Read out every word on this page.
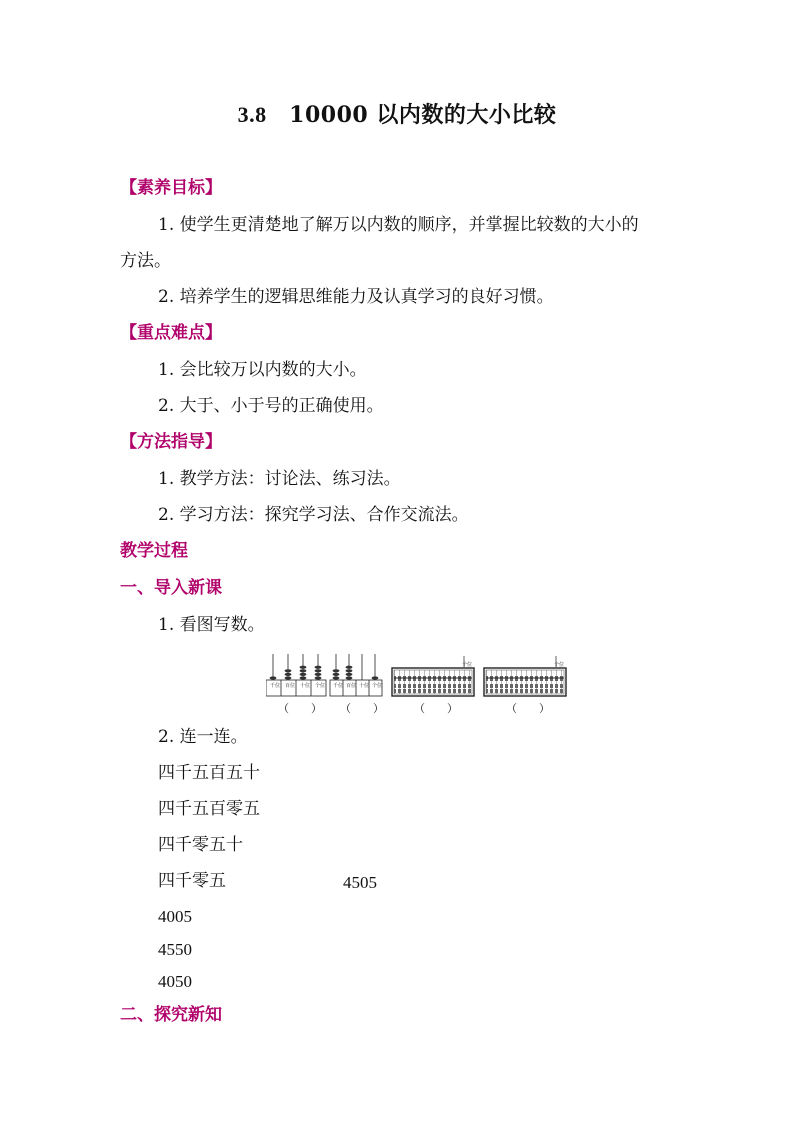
3.8  10000 以内数的大小比较
【素养目标】
1. 使学生更清楚地了解万以内数的顺序，并掌握比较数的大小的
方法。
2. 培养学生的逻辑思维能力及认真学习的良好习惯。
【重点难点】
1. 会比较万以内数的大小。
2. 大于、小于号的正确使用。
【方法指导】
1. 教学方法：讨论法、练习法。
2. 学习方法：探究学习法、合作交流法。
教学过程
一、导入新课
1. 看图写数。
千位 百位 十位 个位 千位 百位 十位 个位
个位	个位
（　　） （　　）	（　　）	（　　）
2. 连一连。
四千五百五十
四千五百零五
四千零五十
四千零五	4505
4005
4550
4050
二、探究新知
